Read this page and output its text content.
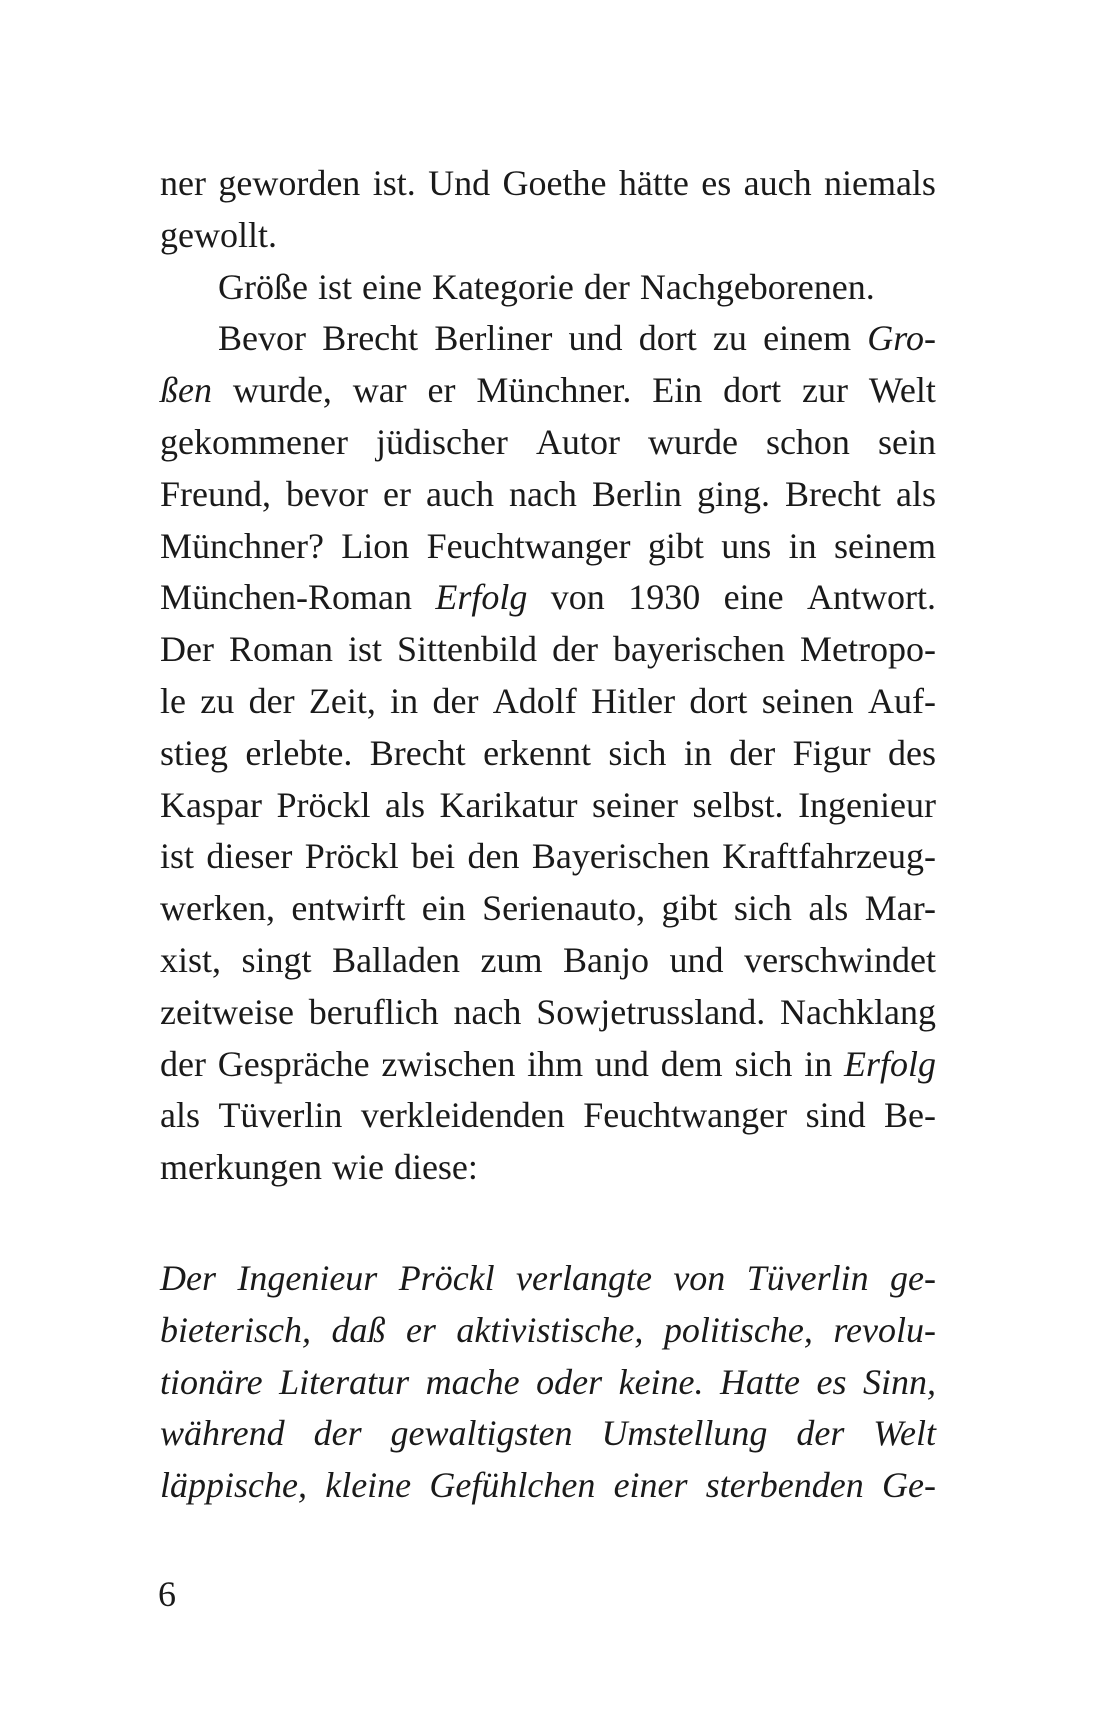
ner geworden ist. Und Goethe hätte es auch niemals
gewollt.
Größe ist eine Kategorie der Nachgeborenen.
Bevor Brecht Berliner und dort zu einem Gro-
ßen wurde, war er Münchner. Ein dort zur Welt
gekommener jüdischer Autor wurde schon sein
Freund, bevor er auch nach Berlin ging. Brecht als
Münchner? Lion Feuchtwanger gibt uns in seinem
München-Roman Erfolg von 1930 eine Antwort.
Der Roman ist Sittenbild der bayerischen Metropo-
le zu der Zeit, in der Adolf Hitler dort seinen Auf-
stieg erlebte. Brecht erkennt sich in der Figur des
Kaspar Pröckl als Karikatur seiner selbst. Ingenieur
ist dieser Pröckl bei den Bayerischen Kraftfahrzeug-
werken, entwirft ein Serienauto, gibt sich als Mar-
xist, singt Balladen zum Banjo und verschwindet
zeitweise beruflich nach Sowjetrussland. Nachklang
der Gespräche zwischen ihm und dem sich in Erfolg
als Tüverlin verkleidenden Feuchtwanger sind Be-
merkungen wie diese:
Der Ingenieur Pröckl verlangte von Tüverlin ge-
bieterisch, daß er aktivistische, politische, revolu-
tionäre Literatur mache oder keine. Hatte es Sinn,
während der gewaltigsten Umstellung der Welt
läppische, kleine Gefühlchen einer sterbenden Ge-
6
